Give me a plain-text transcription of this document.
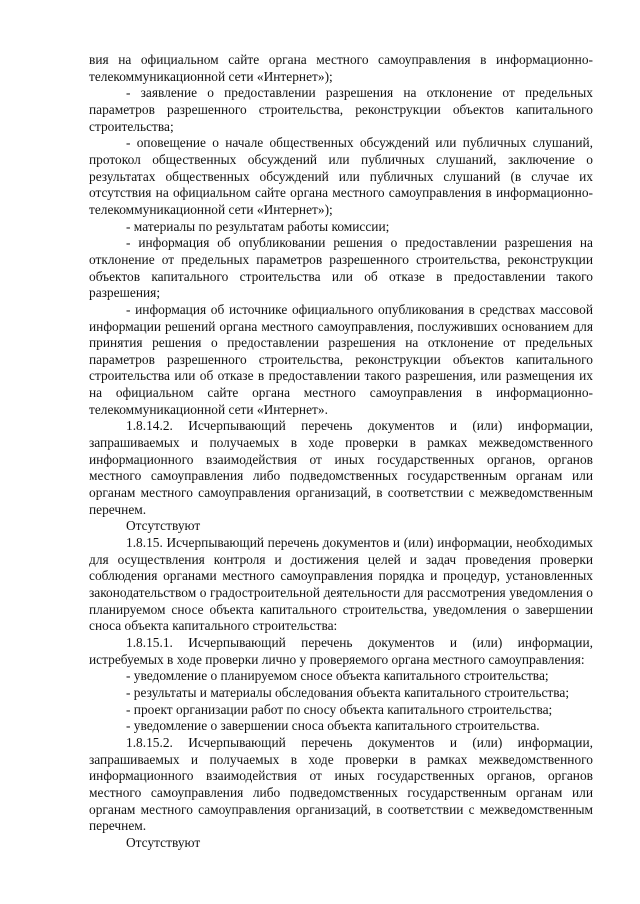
вия на официальном сайте органа местного самоуправления в информационно-телекоммуникационной сети «Интернет»);

- заявление о предоставлении разрешения на отклонение от предельных параметров разрешенного строительства, реконструкции объектов капитального строительства;

- оповещение о начале общественных обсуждений или публичных слушаний, протокол общественных обсуждений или публичных слушаний, заключение о результатах общественных обсуждений или публичных слушаний (в случае их отсутствия на официальном сайте органа местного самоуправления в информационно-телекоммуникационной сети «Интернет»);

- материалы по результатам работы комиссии;

- информация об опубликовании решения о предоставлении разрешения на отклонение от предельных параметров разрешенного строительства, реконструкции объектов капитального строительства или об отказе в предоставлении такого разрешения;

- информация об источнике официального опубликования в средствах массовой информации решений органа местного самоуправления, послуживших основанием для принятия решения о предоставлении разрешения на отклонение от предельных параметров разрешенного строительства, реконструкции объектов капитального строительства или об отказе в предоставлении такого разрешения, или размещения их на официальном сайте органа местного самоуправления в информационно-телекоммуникационной сети «Интернет».

1.8.14.2. Исчерпывающий перечень документов и (или) информации, запрашиваемых и получаемых в ходе проверки в рамках межведомственного информационного взаимодействия от иных государственных органов, органов местного самоуправления либо подведомственных государственным органам или органам местного самоуправления организаций, в соответствии с межведомственным перечнем.

Отсутствуют

1.8.15. Исчерпывающий перечень документов и (или) информации, необходимых для осуществления контроля и достижения целей и задач проведения проверки соблюдения органами местного самоуправления порядка и процедур, установленных законодательством о градостроительной деятельности для рассмотрения уведомления о планируемом сносе объекта капитального строительства, уведомления о завершении сноса объекта капитального строительства:

1.8.15.1. Исчерпывающий перечень документов и (или) информации, истребуемых в ходе проверки лично у проверяемого органа местного самоуправления:

- уведомление о планируемом сносе объекта капитального строительства;

- результаты и материалы обследования объекта капитального строительства;

- проект организации работ по сносу объекта капитального строительства;

- уведомление о завершении сноса объекта капитального строительства.

1.8.15.2. Исчерпывающий перечень документов и (или) информации, запрашиваемых и получаемых в ходе проверки в рамках межведомственного информационного взаимодействия от иных государственных органов, органов местного самоуправления либо подведомственных государственным органам или органам местного самоуправления организаций, в соответствии с межведомственным перечнем.

Отсутствуют
